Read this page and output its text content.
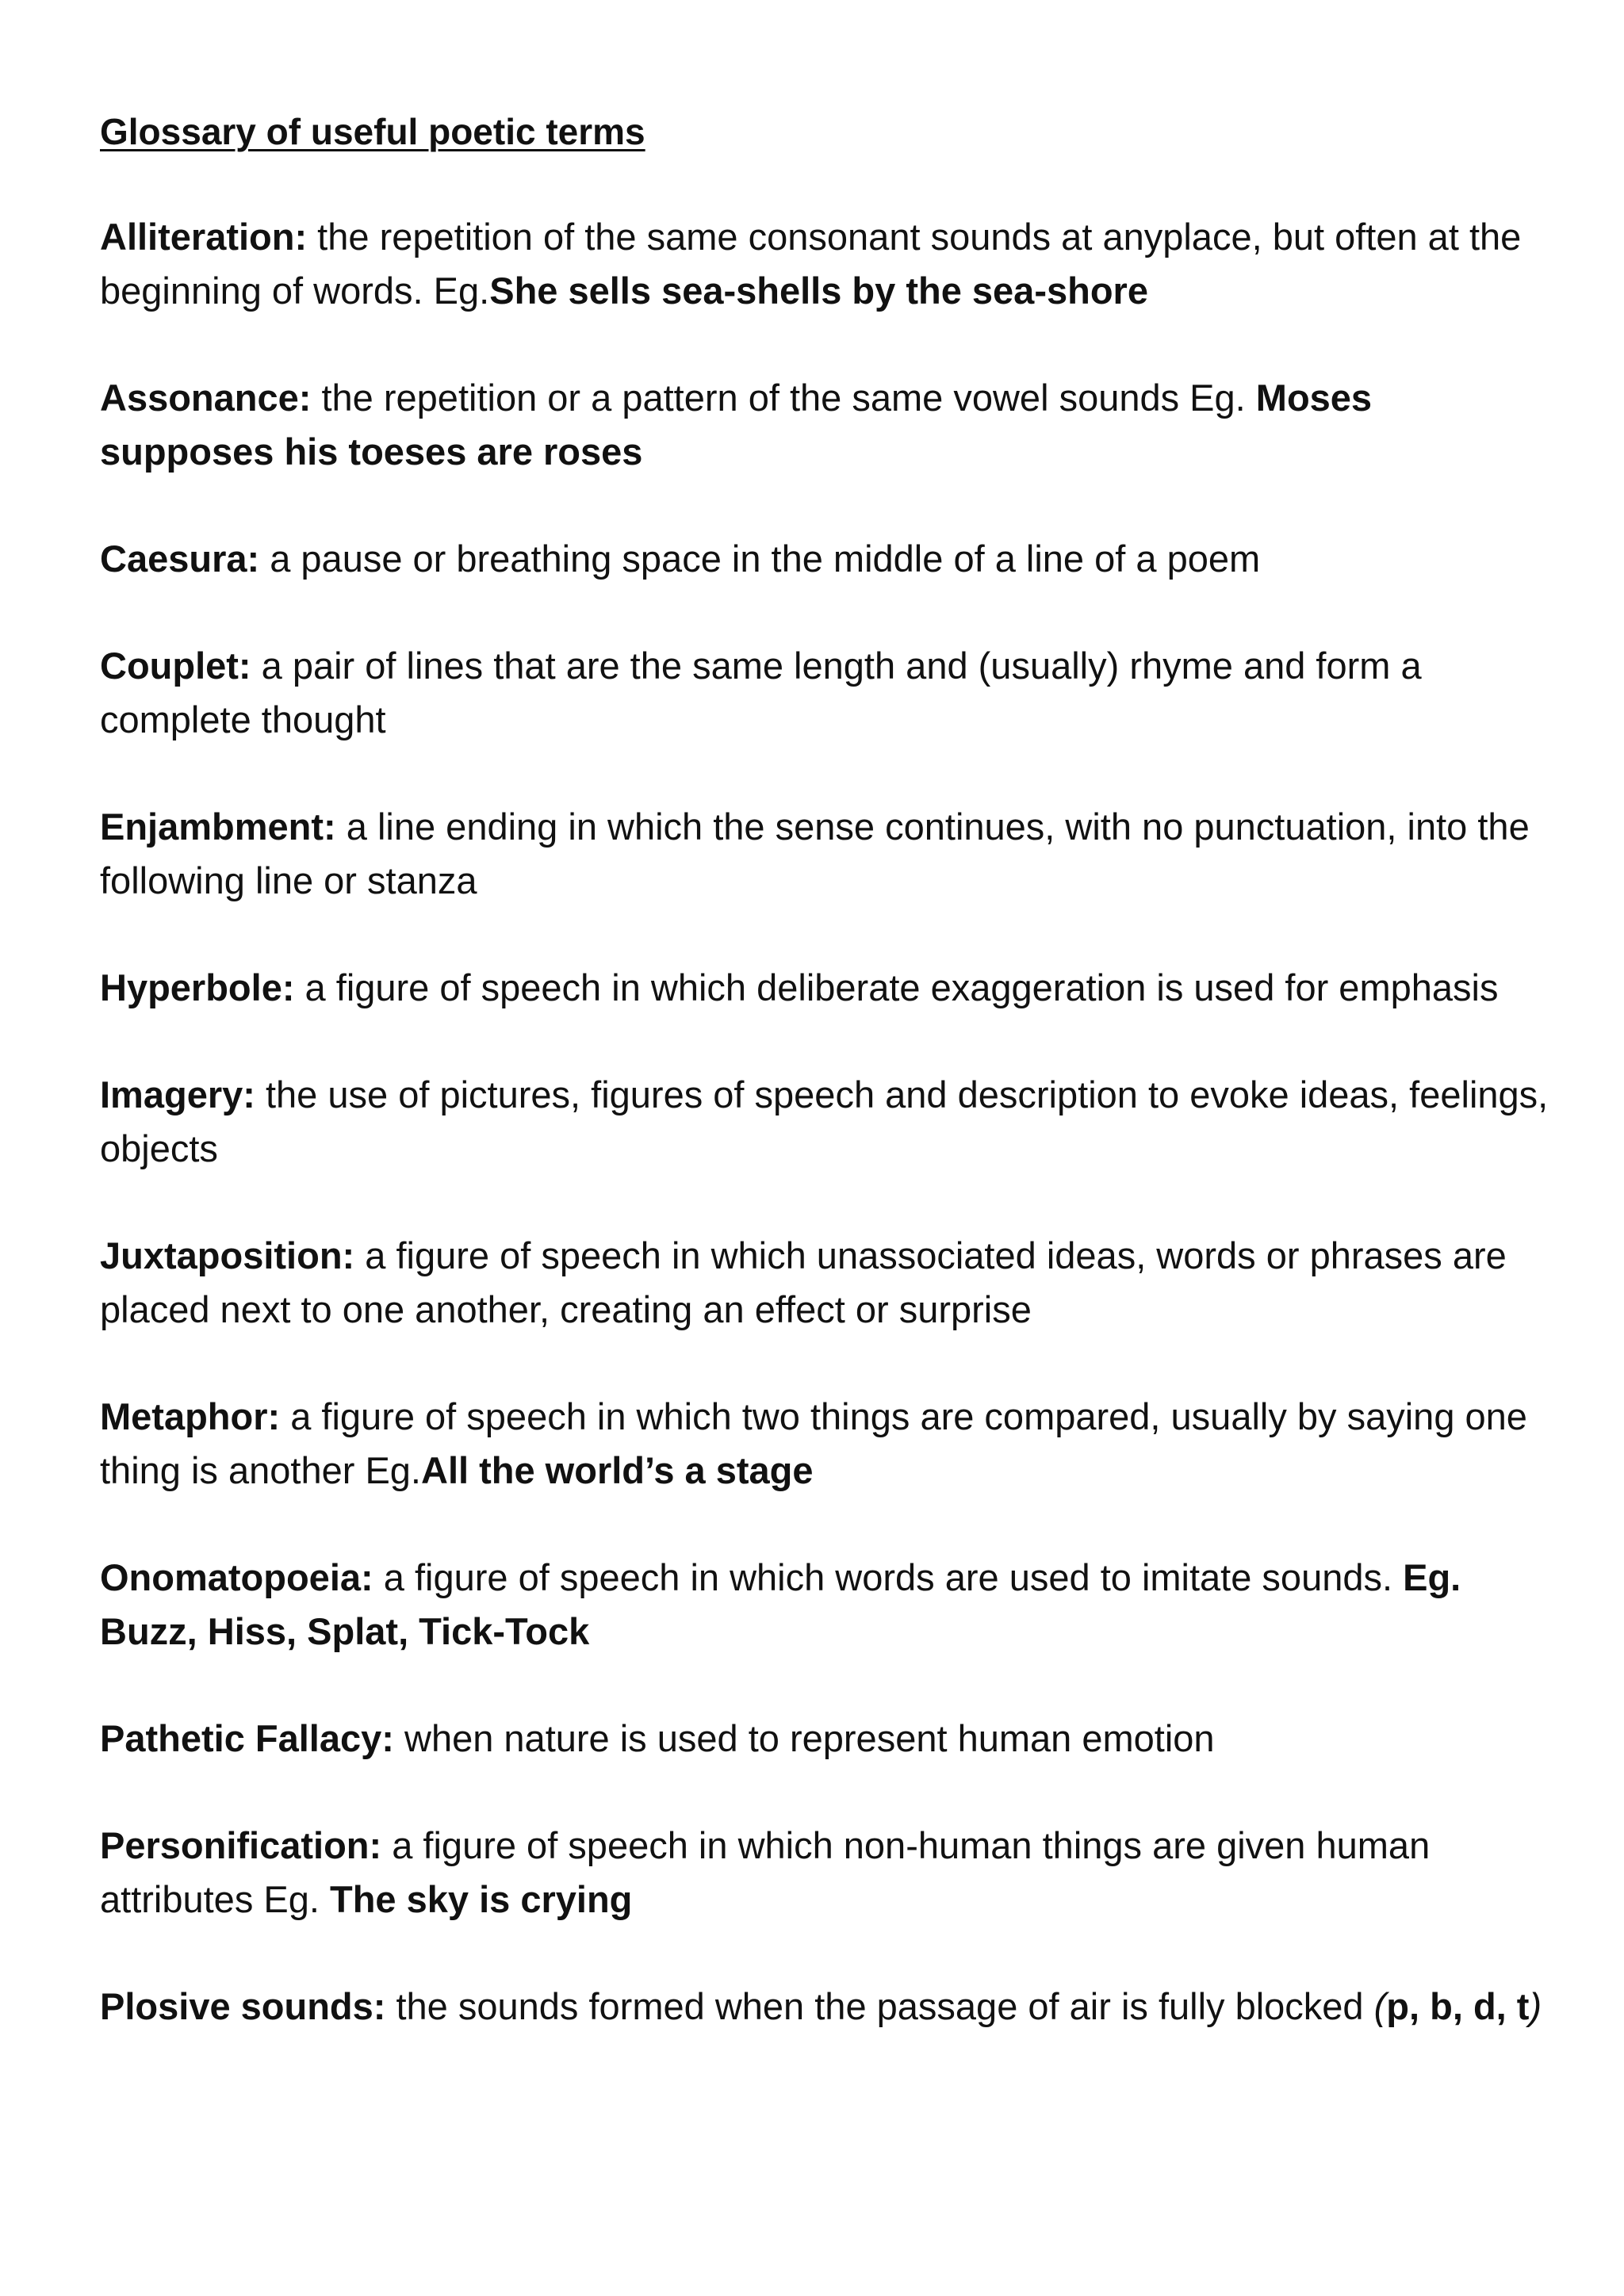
Glossary of useful poetic terms
Alliteration: the repetition of the same consonant sounds at anyplace, but often at the beginning of words. Eg.She sells sea-shells by the sea-shore
Assonance: the repetition or a pattern of the same vowel sounds Eg. Moses supposes his toeses are roses
Caesura: a pause or breathing space in the middle of a line of a poem
Couplet: a pair of lines that are the same length and (usually) rhyme and form a complete thought
Enjambment: a line ending in which the sense continues, with no punctuation, into the following line or stanza
Hyperbole: a figure of speech in which deliberate exaggeration is used for emphasis
Imagery: the use of pictures, figures of speech and description to evoke ideas, feelings, objects
Juxtaposition: a figure of speech in which unassociated ideas, words or phrases are placed next to one another, creating an effect or surprise
Metaphor: a figure of speech in which two things are compared, usually by saying one thing is another Eg.All the world’s a stage
Onomatopoeia: a figure of speech in which words are used to imitate sounds. Eg. Buzz, Hiss, Splat, Tick-Tock
Pathetic Fallacy: when nature is used to represent human emotion
Personification: a figure of speech in which non-human things are given human attributes Eg. The sky is crying
Plosive sounds: the sounds formed when the passage of air is fully blocked (p, b, d, t)
